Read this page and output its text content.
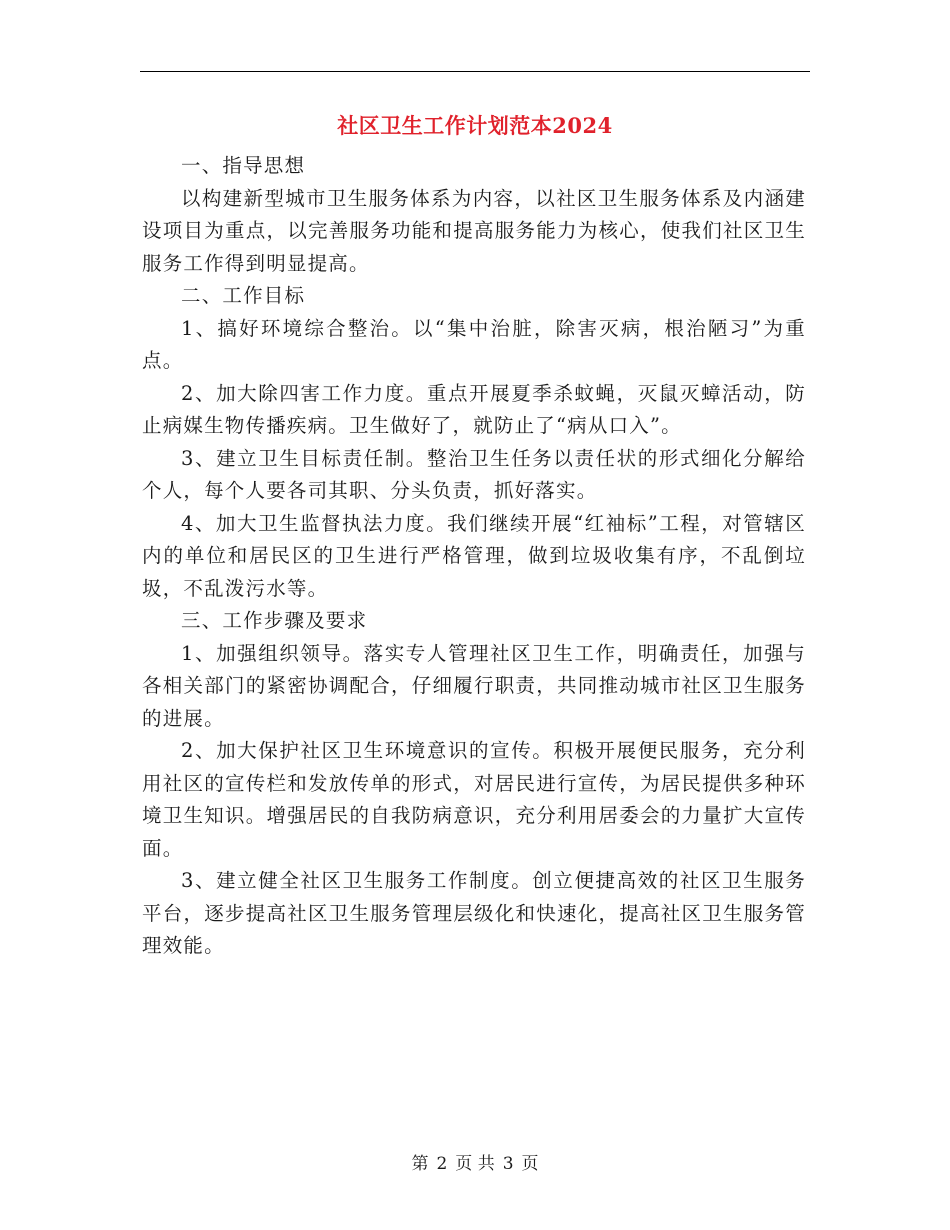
社区卫生工作计划范本2024

一、指导思想

以构建新型城市卫生服务体系为内容，以社区卫生服务体系及内涵建设项目为重点，以完善服务功能和提高服务能力为核心，使我们社区卫生服务工作得到明显提高。

二、工作目标

1、搞好环境综合整治。以“集中治脏，除害灭病，根治陋习”为重点。

2、加大除四害工作力度。重点开展夏季杀蚊蝇，灭鼠灭蟑活动，防止病媒生物传播疾病。卫生做好了，就防止了“病从口入”。

3、建立卫生目标责任制。整治卫生任务以责任状的形式细化分解给个人，每个人要各司其职、分头负责，抓好落实。

4、加大卫生监督执法力度。我们继续开展“红袖标”工程，对管辖区内的单位和居民区的卫生进行严格管理，做到垃圾收集有序，不乱倒垃圾，不乱泼污水等。

三、工作步骤及要求

1、加强组织领导。落实专人管理社区卫生工作，明确责任，加强与各相关部门的紧密协调配合，仔细履行职责，共同推动城市社区卫生服务的进展。

2、加大保护社区卫生环境意识的宣传。积极开展便民服务，充分利用社区的宣传栏和发放传单的形式，对居民进行宣传，为居民提供多种环境卫生知识。增强居民的自我防病意识，充分利用居委会的力量扩大宣传面。

3、建立健全社区卫生服务工作制度。创立便捷高效的社区卫生服务平台，逐步提高社区卫生服务管理层级化和快速化，提高社区卫生服务管理效能。

第 2 页 共 3 页
